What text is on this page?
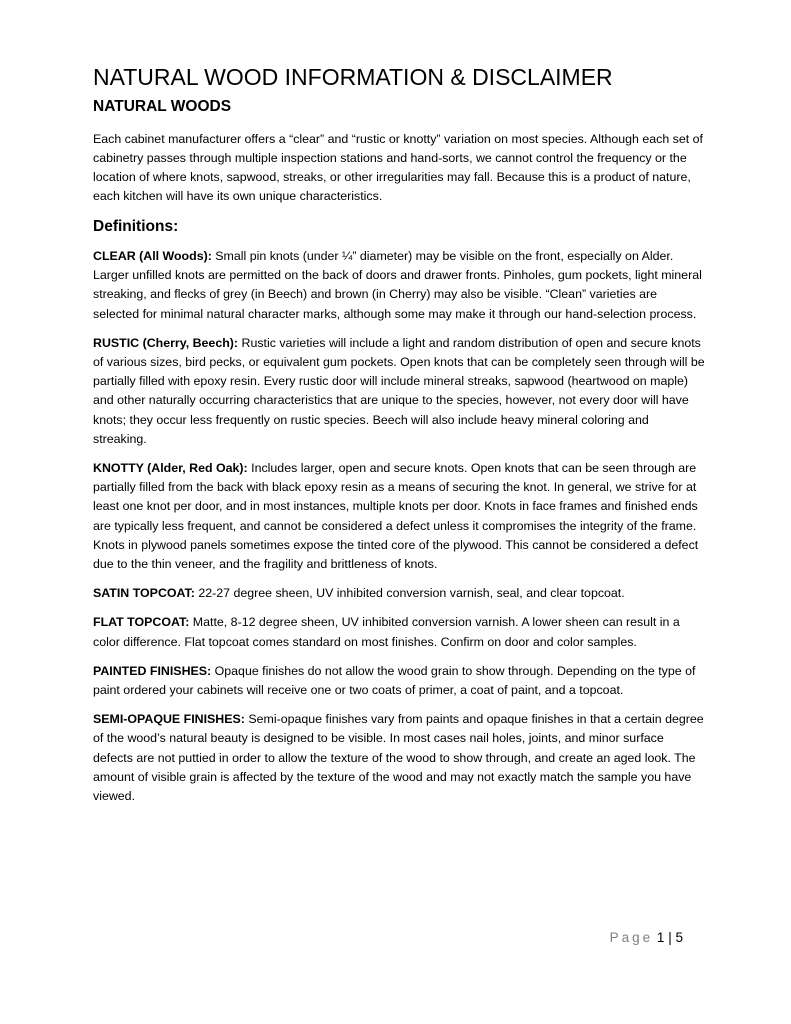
NATURAL WOOD INFORMATION & DISCLAIMER
NATURAL WOODS

Each cabinet manufacturer offers a “clear” and “rustic or knotty” variation on most species. Although each set of cabinetry passes through multiple inspection stations and hand-sorts, we cannot control the frequency or the location of where knots, sapwood, streaks, or other irregularities may fall. Because this is a product of nature, each kitchen will have its own unique characteristics.

Definitions:

CLEAR (All Woods): Small pin knots (under ¼” diameter) may be visible on the front, especially on Alder. Larger unfilled knots are permitted on the back of doors and drawer fronts. Pinholes, gum pockets, light mineral streaking, and flecks of grey (in Beech) and brown (in Cherry) may also be visible. “Clean” varieties are selected for minimal natural character marks, although some may make it through our hand-selection process.

RUSTIC (Cherry, Beech): Rustic varieties will include a light and random distribution of open and secure knots of various sizes, bird pecks, or equivalent gum pockets. Open knots that can be completely seen through will be partially filled with epoxy resin. Every rustic door will include mineral streaks, sapwood (heartwood on maple) and other naturally occurring characteristics that are unique to the species, however, not every door will have knots; they occur less frequently on rustic species. Beech will also include heavy mineral coloring and streaking.

KNOTTY (Alder, Red Oak): Includes larger, open and secure knots. Open knots that can be seen through are partially filled from the back with black epoxy resin as a means of securing the knot. In general, we strive for at least one knot per door, and in most instances, multiple knots per door. Knots in face frames and finished ends are typically less frequent, and cannot be considered a defect unless it compromises the integrity of the frame. Knots in plywood panels sometimes expose the tinted core of the plywood. This cannot be considered a defect due to the thin veneer, and the fragility and brittleness of knots.

SATIN TOPCOAT: 22-27 degree sheen, UV inhibited conversion varnish, seal, and clear topcoat.

FLAT TOPCOAT: Matte, 8-12 degree sheen, UV inhibited conversion varnish. A lower sheen can result in a color difference. Flat topcoat comes standard on most finishes. Confirm on door and color samples.

PAINTED FINISHES: Opaque finishes do not allow the wood grain to show through. Depending on the type of paint ordered your cabinets will receive one or two coats of primer, a coat of paint, and a topcoat.

SEMI-OPAQUE FINISHES: Semi-opaque finishes vary from paints and opaque finishes in that a certain degree of the wood’s natural beauty is designed to be visible. In most cases nail holes, joints, and minor surface defects are not puttied in order to allow the texture of the wood to show through, and create an aged look. The amount of visible grain is affected by the texture of the wood and may not exactly match the sample you have viewed.

Page 1 | 5
